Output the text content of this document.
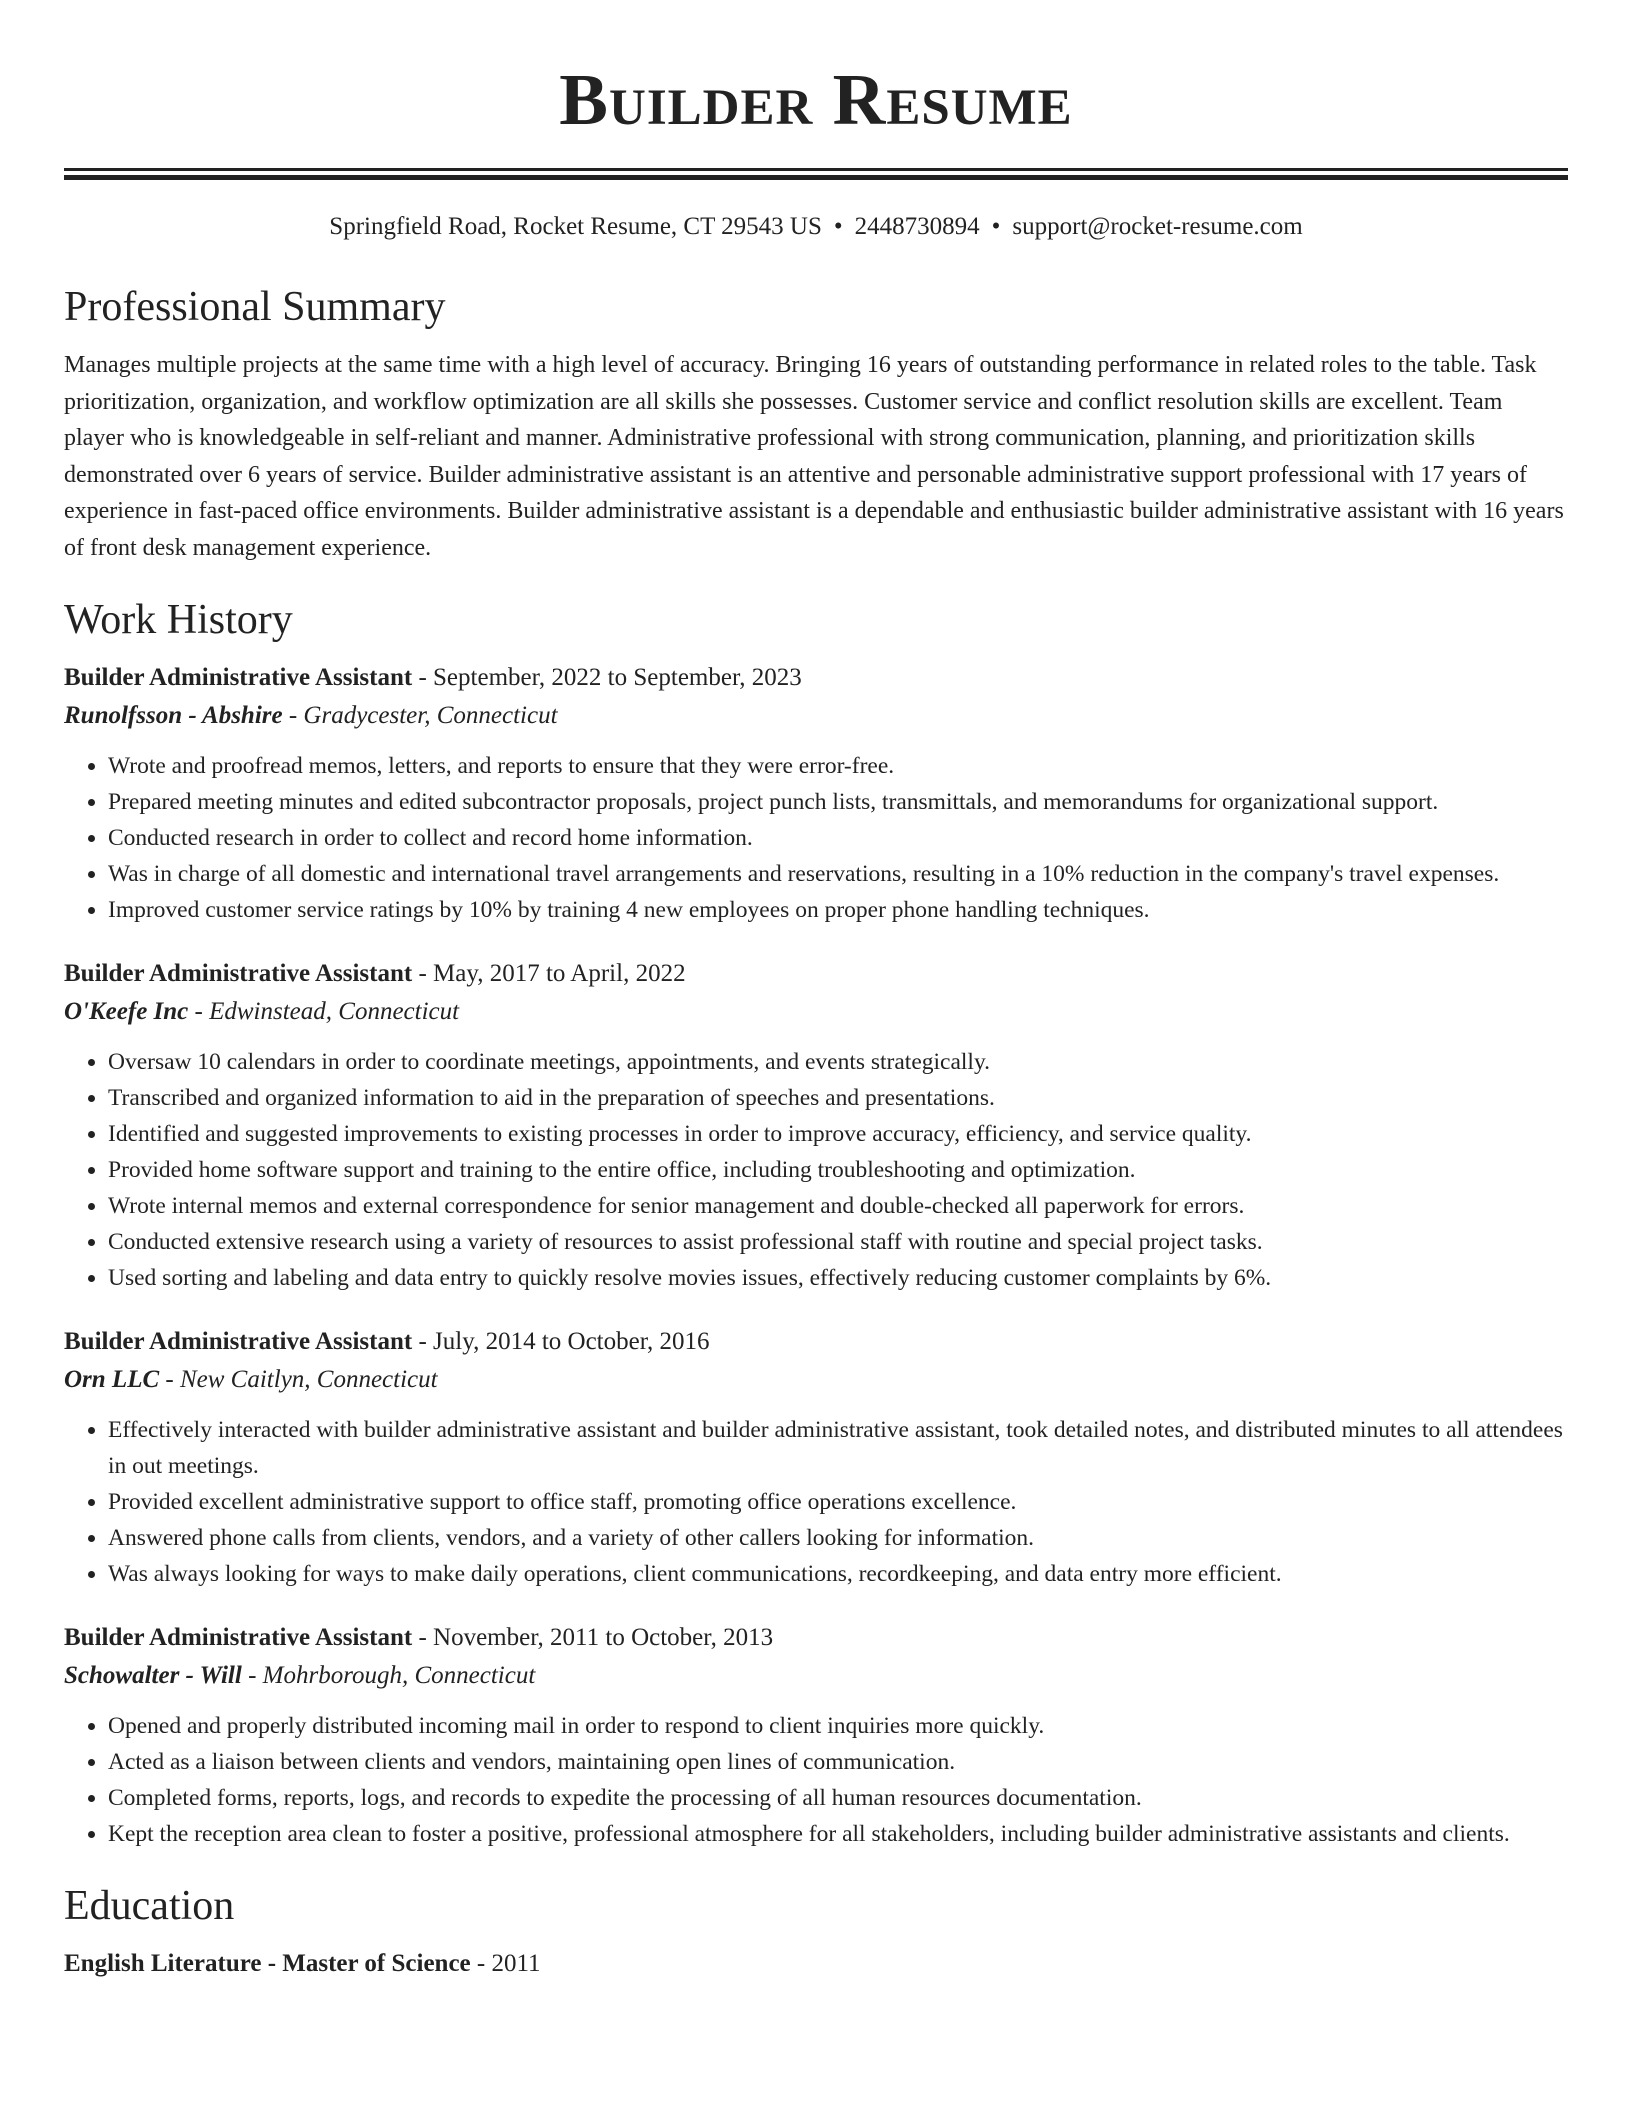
Builder Resume
Springfield Road, Rocket Resume, CT 29543 US • 2448730894 • support@rocket-resume.com
Professional Summary

Manages multiple projects at the same time with a high level of accuracy. Bringing 16 years of outstanding performance in related roles to the table. Task prioritization, organization, and workflow optimization are all skills she possesses. Customer service and conflict resolution skills are excellent. Team player who is knowledgeable in self-reliant and manner. Administrative professional with strong communication, planning, and prioritization skills demonstrated over 6 years of service. Builder administrative assistant is an attentive and personable administrative support professional with 17 years of experience in fast-paced office environments. Builder administrative assistant is a dependable and enthusiastic builder administrative assistant with 16 years of front desk management experience.

Work History
Builder Administrative Assistant - September, 2022 to September, 2023
Runolfsson - Abshire - Gradycester, Connecticut
• Wrote and proofread memos, letters, and reports to ensure that they were error-free.
• Prepared meeting minutes and edited subcontractor proposals, project punch lists, transmittals, and memorandums for organizational support.
• Conducted research in order to collect and record home information.
• Was in charge of all domestic and international travel arrangements and reservations, resulting in a 10% reduction in the company's travel expenses.
• Improved customer service ratings by 10% by training 4 new employees on proper phone handling techniques.
Builder Administrative Assistant - May, 2017 to April, 2022
O'Keefe Inc - Edwinstead, Connecticut
• Oversaw 10 calendars in order to coordinate meetings, appointments, and events strategically.
• Transcribed and organized information to aid in the preparation of speeches and presentations.
• Identified and suggested improvements to existing processes in order to improve accuracy, efficiency, and service quality.
• Provided home software support and training to the entire office, including troubleshooting and optimization.
• Wrote internal memos and external correspondence for senior management and double-checked all paperwork for errors.
• Conducted extensive research using a variety of resources to assist professional staff with routine and special project tasks.
• Used sorting and labeling and data entry to quickly resolve movies issues, effectively reducing customer complaints by 6%.
Builder Administrative Assistant - July, 2014 to October, 2016
Orn LLC - New Caitlyn, Connecticut
• Effectively interacted with builder administrative assistant and builder administrative assistant, took detailed notes, and distributed minutes to all attendees in out meetings.
• Provided excellent administrative support to office staff, promoting office operations excellence.
• Answered phone calls from clients, vendors, and a variety of other callers looking for information.
• Was always looking for ways to make daily operations, client communications, recordkeeping, and data entry more efficient.
Builder Administrative Assistant - November, 2011 to October, 2013
Schowalter - Will - Mohrborough, Connecticut
• Opened and properly distributed incoming mail in order to respond to client inquiries more quickly.
• Acted as a liaison between clients and vendors, maintaining open lines of communication.
• Completed forms, reports, logs, and records to expedite the processing of all human resources documentation.
• Kept the reception area clean to foster a positive, professional atmosphere for all stakeholders, including builder administrative assistants and clients.
Education
English Literature - Master of Science - 2011
